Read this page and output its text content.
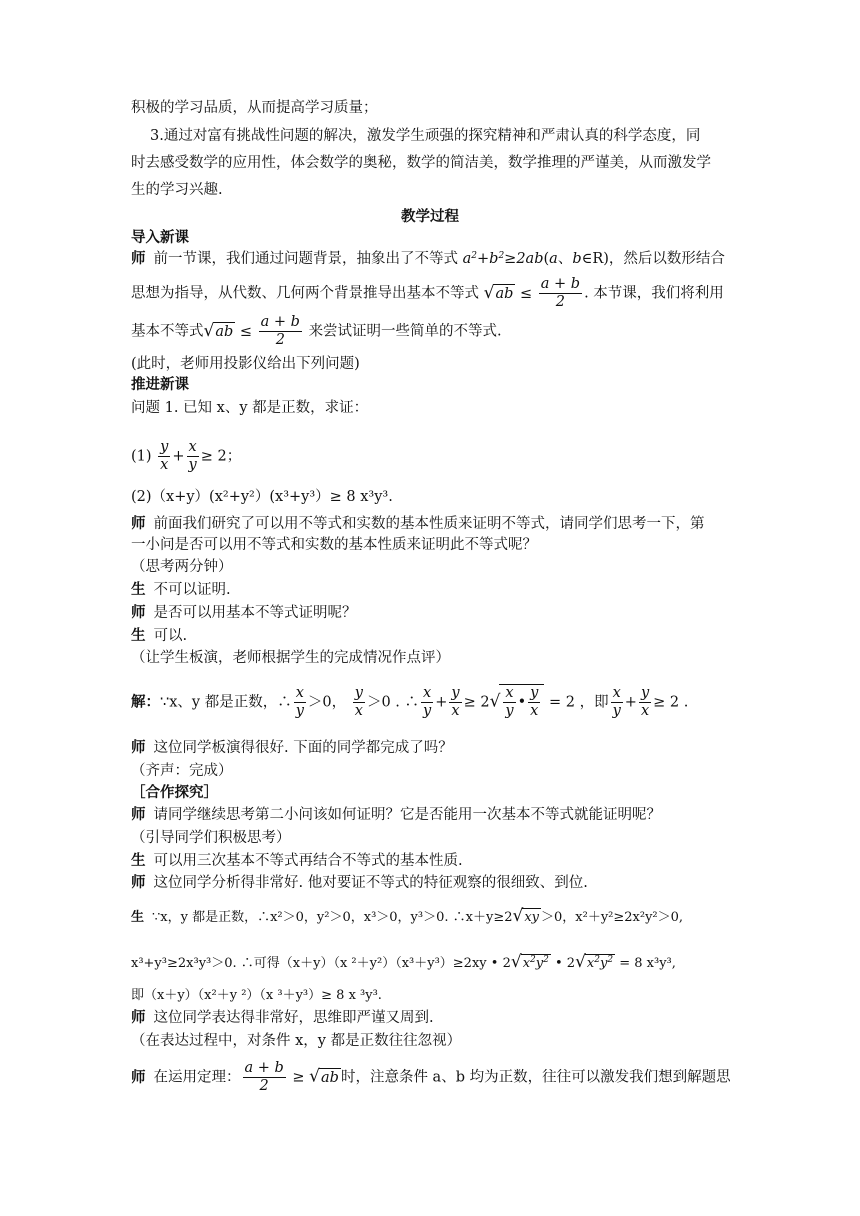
积极的学习品质，从而提高学习质量；
3.通过对富有挑战性问题的解决，激发学生顽强的探究精神和严肃认真的科学态度，同
时去感受数学的应用性，体会数学的奥秘，数学的简洁美，数学推理的严谨美，从而激发学
生的学习兴趣.
教学过程
导入新课
师 前一节课，我们通过问题背景，抽象出了不等式 $a^2+b^2\ge 2ab(a$、b∈R)，然后以数形结合
思想为指导，从代数、几何两个背景推导出基本不等式 $√ab \le \frac{a + b}{2}$ . 本节课，我们将利用
基本不等式$√ab \le \frac{a + b}{2}$ 来尝试证明一些简单的不等式.
(此时，老师用投影仪给出下列问题)
推进新课
问题 1. 已知 x、y 都是正数，求证：
$(1) \frac{y}{x} + \frac{x}{y} \ge 2$；
(2)（x+y）(x²+y²）(x³+y³）≥ 8 x³y³.
师 前面我们研究了可以用不等式和实数的基本性质来证明不等式，请同学们思考一下，第
一小问是否可以用不等式和实数的基本性质来证明此不等式呢？
（思考两分钟）
生 不可以证明.
师 是否可以用基本不等式证明呢？
生 可以.
（让学生板演，老师根据学生的完成情况作点评）
解：∵x、y 都是正数，∴ $\frac{x}{y} >0$， $\frac{y}{x} >0$ . ∴ $\frac{x}{y} + \frac{y}{x} \ge 2√ \frac{x}{y}$ • $\frac{y}{x} = 2$ ，即 $\frac{x}{y} + \frac{y}{x} \ge 2$ .
师 这位同学板演得很好. 下面的同学都完成了吗？
（齐声：完成）
［合作探究］
师 请同学继续思考第二小问该如何证明？它是否能用一次基本不等式就能证明呢？
（引导同学们积极思考）
生 可以用三次基本不等式再结合不等式的基本性质.
师 这位同学分析得非常好. 他对要证不等式的特征观察的很细致、到位.
生 ∵x，y 都是正数，∴x²＞0，y²＞0，x³＞0，y³＞0. ∴x＋y≥2√xy ＞0，x²＋y²≥2x²y²＞0,
x³+y³≥2x³y³＞0. ∴可得（x＋y）（x ²＋y²）（x³＋y³）≥2xy • $2√x^2y^2$ • $2√x^2y^2 = 8$ x³y³,
即（x＋y）（x²＋y ²）（x ³＋y³）≥ 8 x ³y³.
师 这位同学表达得非常好，思维即严谨又周到.
（在表达过程中，对条件 x，y 都是正数往往忽视）
师 在运用定理： $\frac{a + b}{2} \ge √ab$ 时，注意条件 a、b 均为正数，往往可以激发我们想到解题思
